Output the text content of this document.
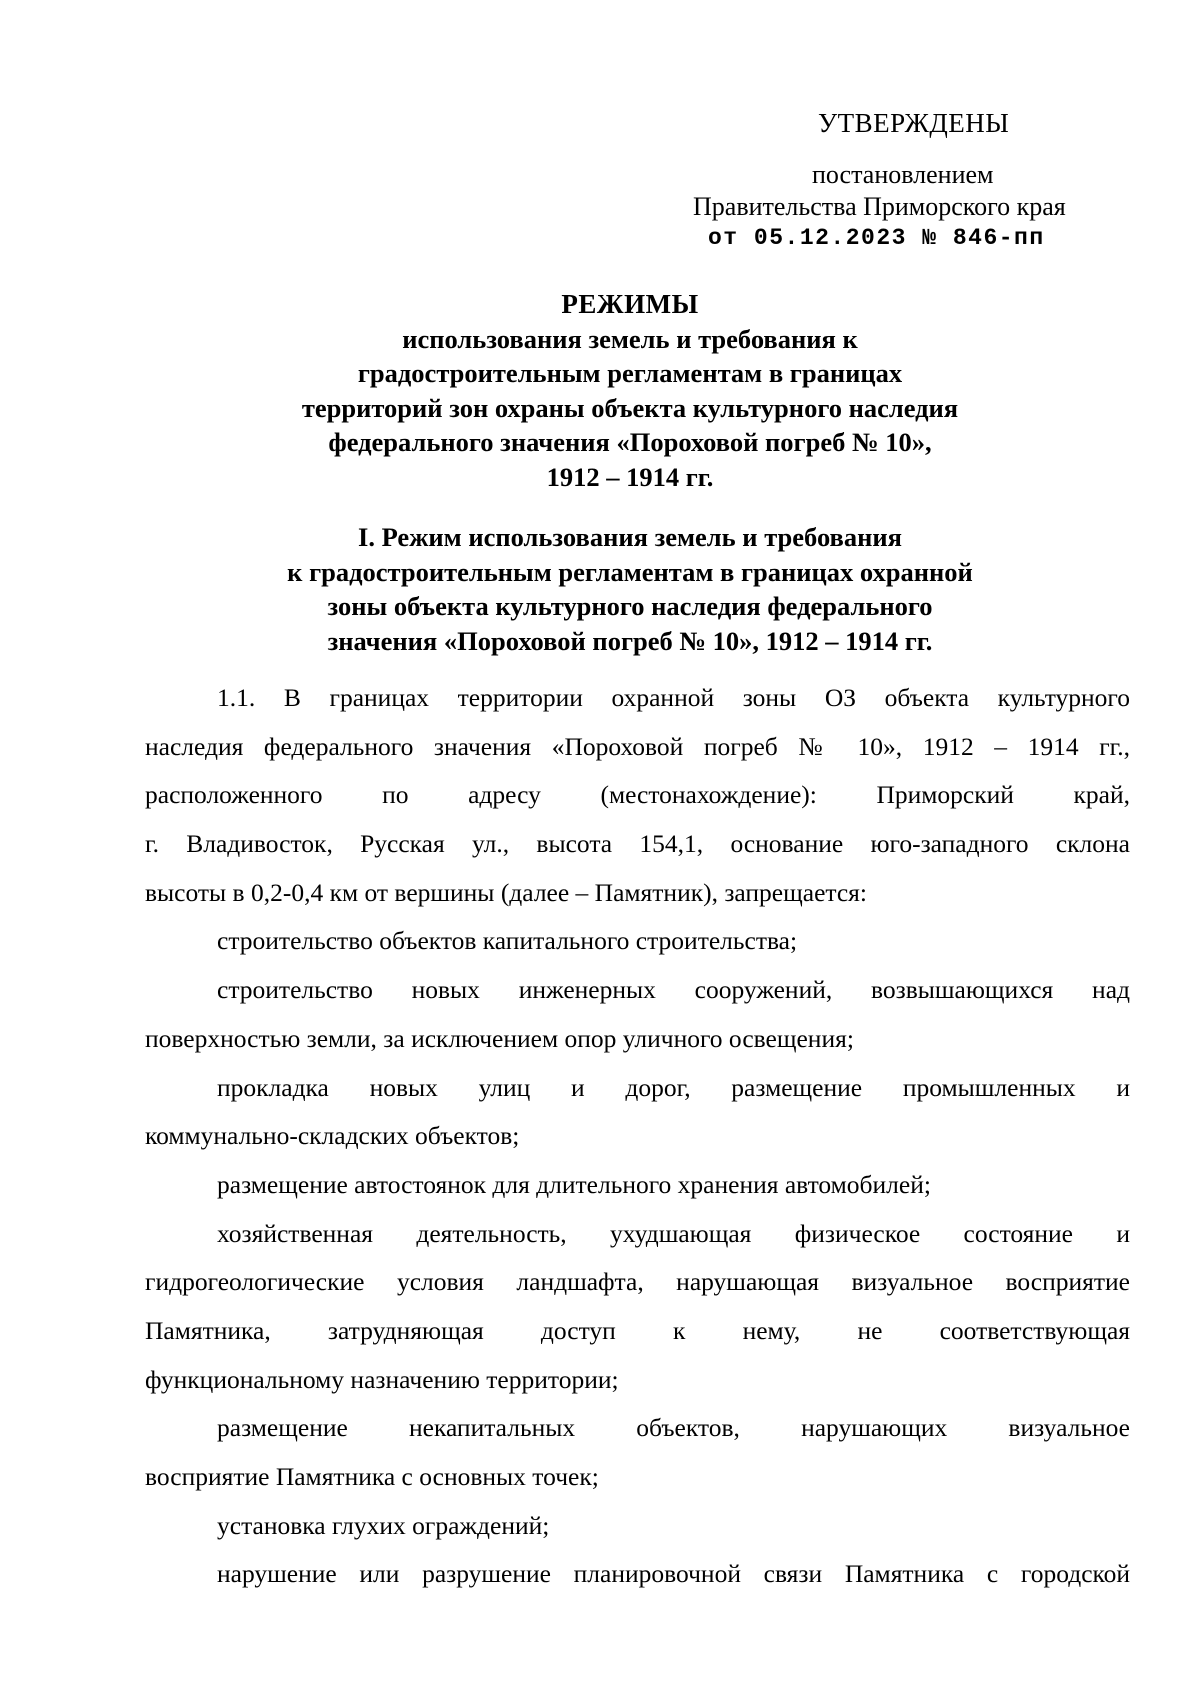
УТВЕРЖДЕНЫ
постановлением
Правительства Приморского края
от 05.12.2023 № 846-пп
РЕЖИМЫ
использования земель и требования к
градостроительным регламентам в границах
территорий зон охраны объекта культурного наследия
федерального значения «Пороховой погреб № 10»,
1912 – 1914 гг.
I. Режим использования земель и требования
к градостроительным регламентам в границах охранной
зоны объекта культурного наследия федерального
значения «Пороховой погреб № 10», 1912 – 1914 гг.
1.1. В границах территории охранной зоны ОЗ объекта культурного
наследия федерального значения «Пороховой погреб № 10», 1912 – 1914 гг.,
расположенного по адресу (местонахождение): Приморский край,
г. Владивосток, Русская ул., высота 154,1, основание юго-западного склона
высоты в 0,2-0,4 км от вершины (далее – Памятник), запрещается:
строительство объектов капитального строительства;
строительство новых инженерных сооружений, возвышающихся над
поверхностью земли, за исключением опор уличного освещения;
прокладка новых улиц и дорог, размещение промышленных и
коммунально-складских объектов;
размещение автостоянок для длительного хранения автомобилей;
хозяйственная деятельность, ухудшающая физическое состояние и
гидрогеологические условия ландшафта, нарушающая визуальное восприятие
Памятника, затрудняющая доступ к нему, не соответствующая
функциональному назначению территории;
размещение некапитальных объектов, нарушающих визуальное
восприятие Памятника с основных точек;
установка глухих ограждений;
нарушение или разрушение планировочной связи Памятника с городской
